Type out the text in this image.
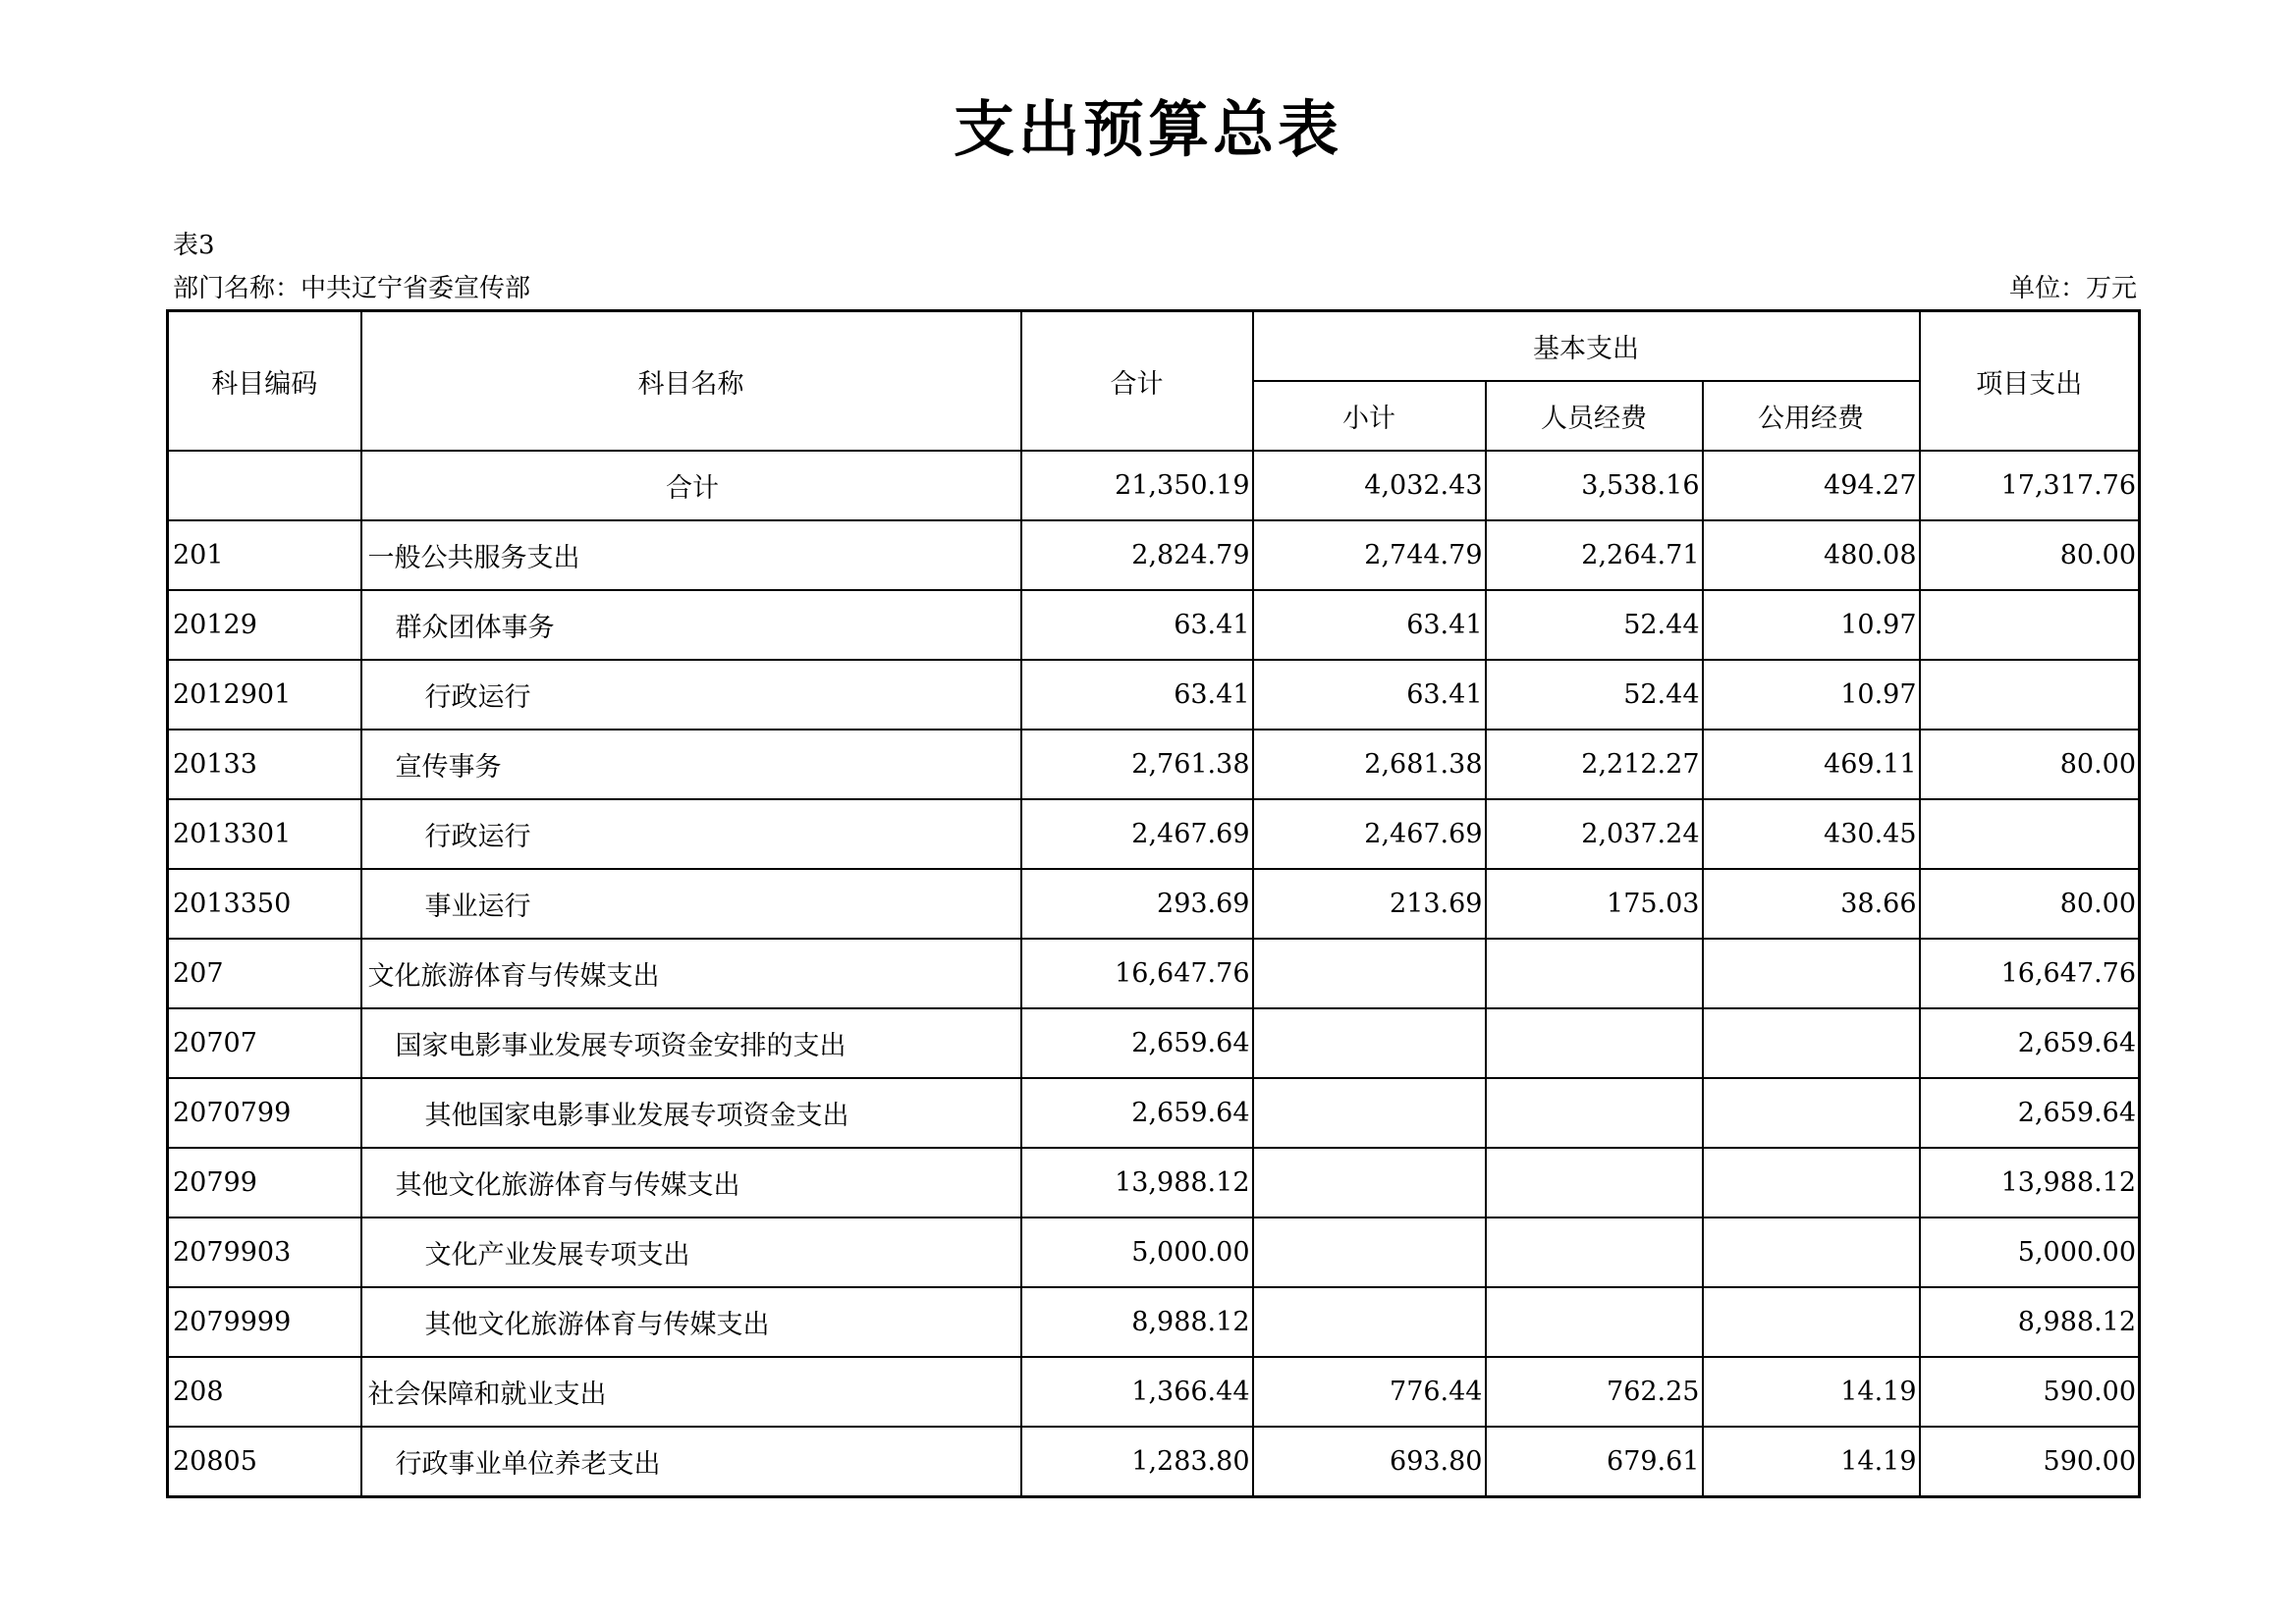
支出预算总表
表3
部门名称：中共辽宁省委宣传部	单位：万元
科目编码	科目名称	合计	基本支出			项目支出
			小计	人员经费	公用经费	
	合计	21,350.19	4,032.43	3,538.16	494.27	17,317.76
201	一般公共服务支出	2,824.79	2,744.79	2,264.71	480.08	80.00
20129	群众团体事务	63.41	63.41	52.44	10.97	
2012901	行政运行	63.41	63.41	52.44	10.97	
20133	宣传事务	2,761.38	2,681.38	2,212.27	469.11	80.00
2013301	行政运行	2,467.69	2,467.69	2,037.24	430.45	
2013350	事业运行	293.69	213.69	175.03	38.66	80.00
207	文化旅游体育与传媒支出	16,647.76				16,647.76
20707	国家电影事业发展专项资金安排的支出	2,659.64				2,659.64
2070799	其他国家电影事业发展专项资金支出	2,659.64				2,659.64
20799	其他文化旅游体育与传媒支出	13,988.12				13,988.12
2079903	文化产业发展专项支出	5,000.00				5,000.00
2079999	其他文化旅游体育与传媒支出	8,988.12				8,988.12
208	社会保障和就业支出	1,366.44	776.44	762.25	14.19	590.00
20805	行政事业单位养老支出	1,283.80	693.80	679.61	14.19	590.00
